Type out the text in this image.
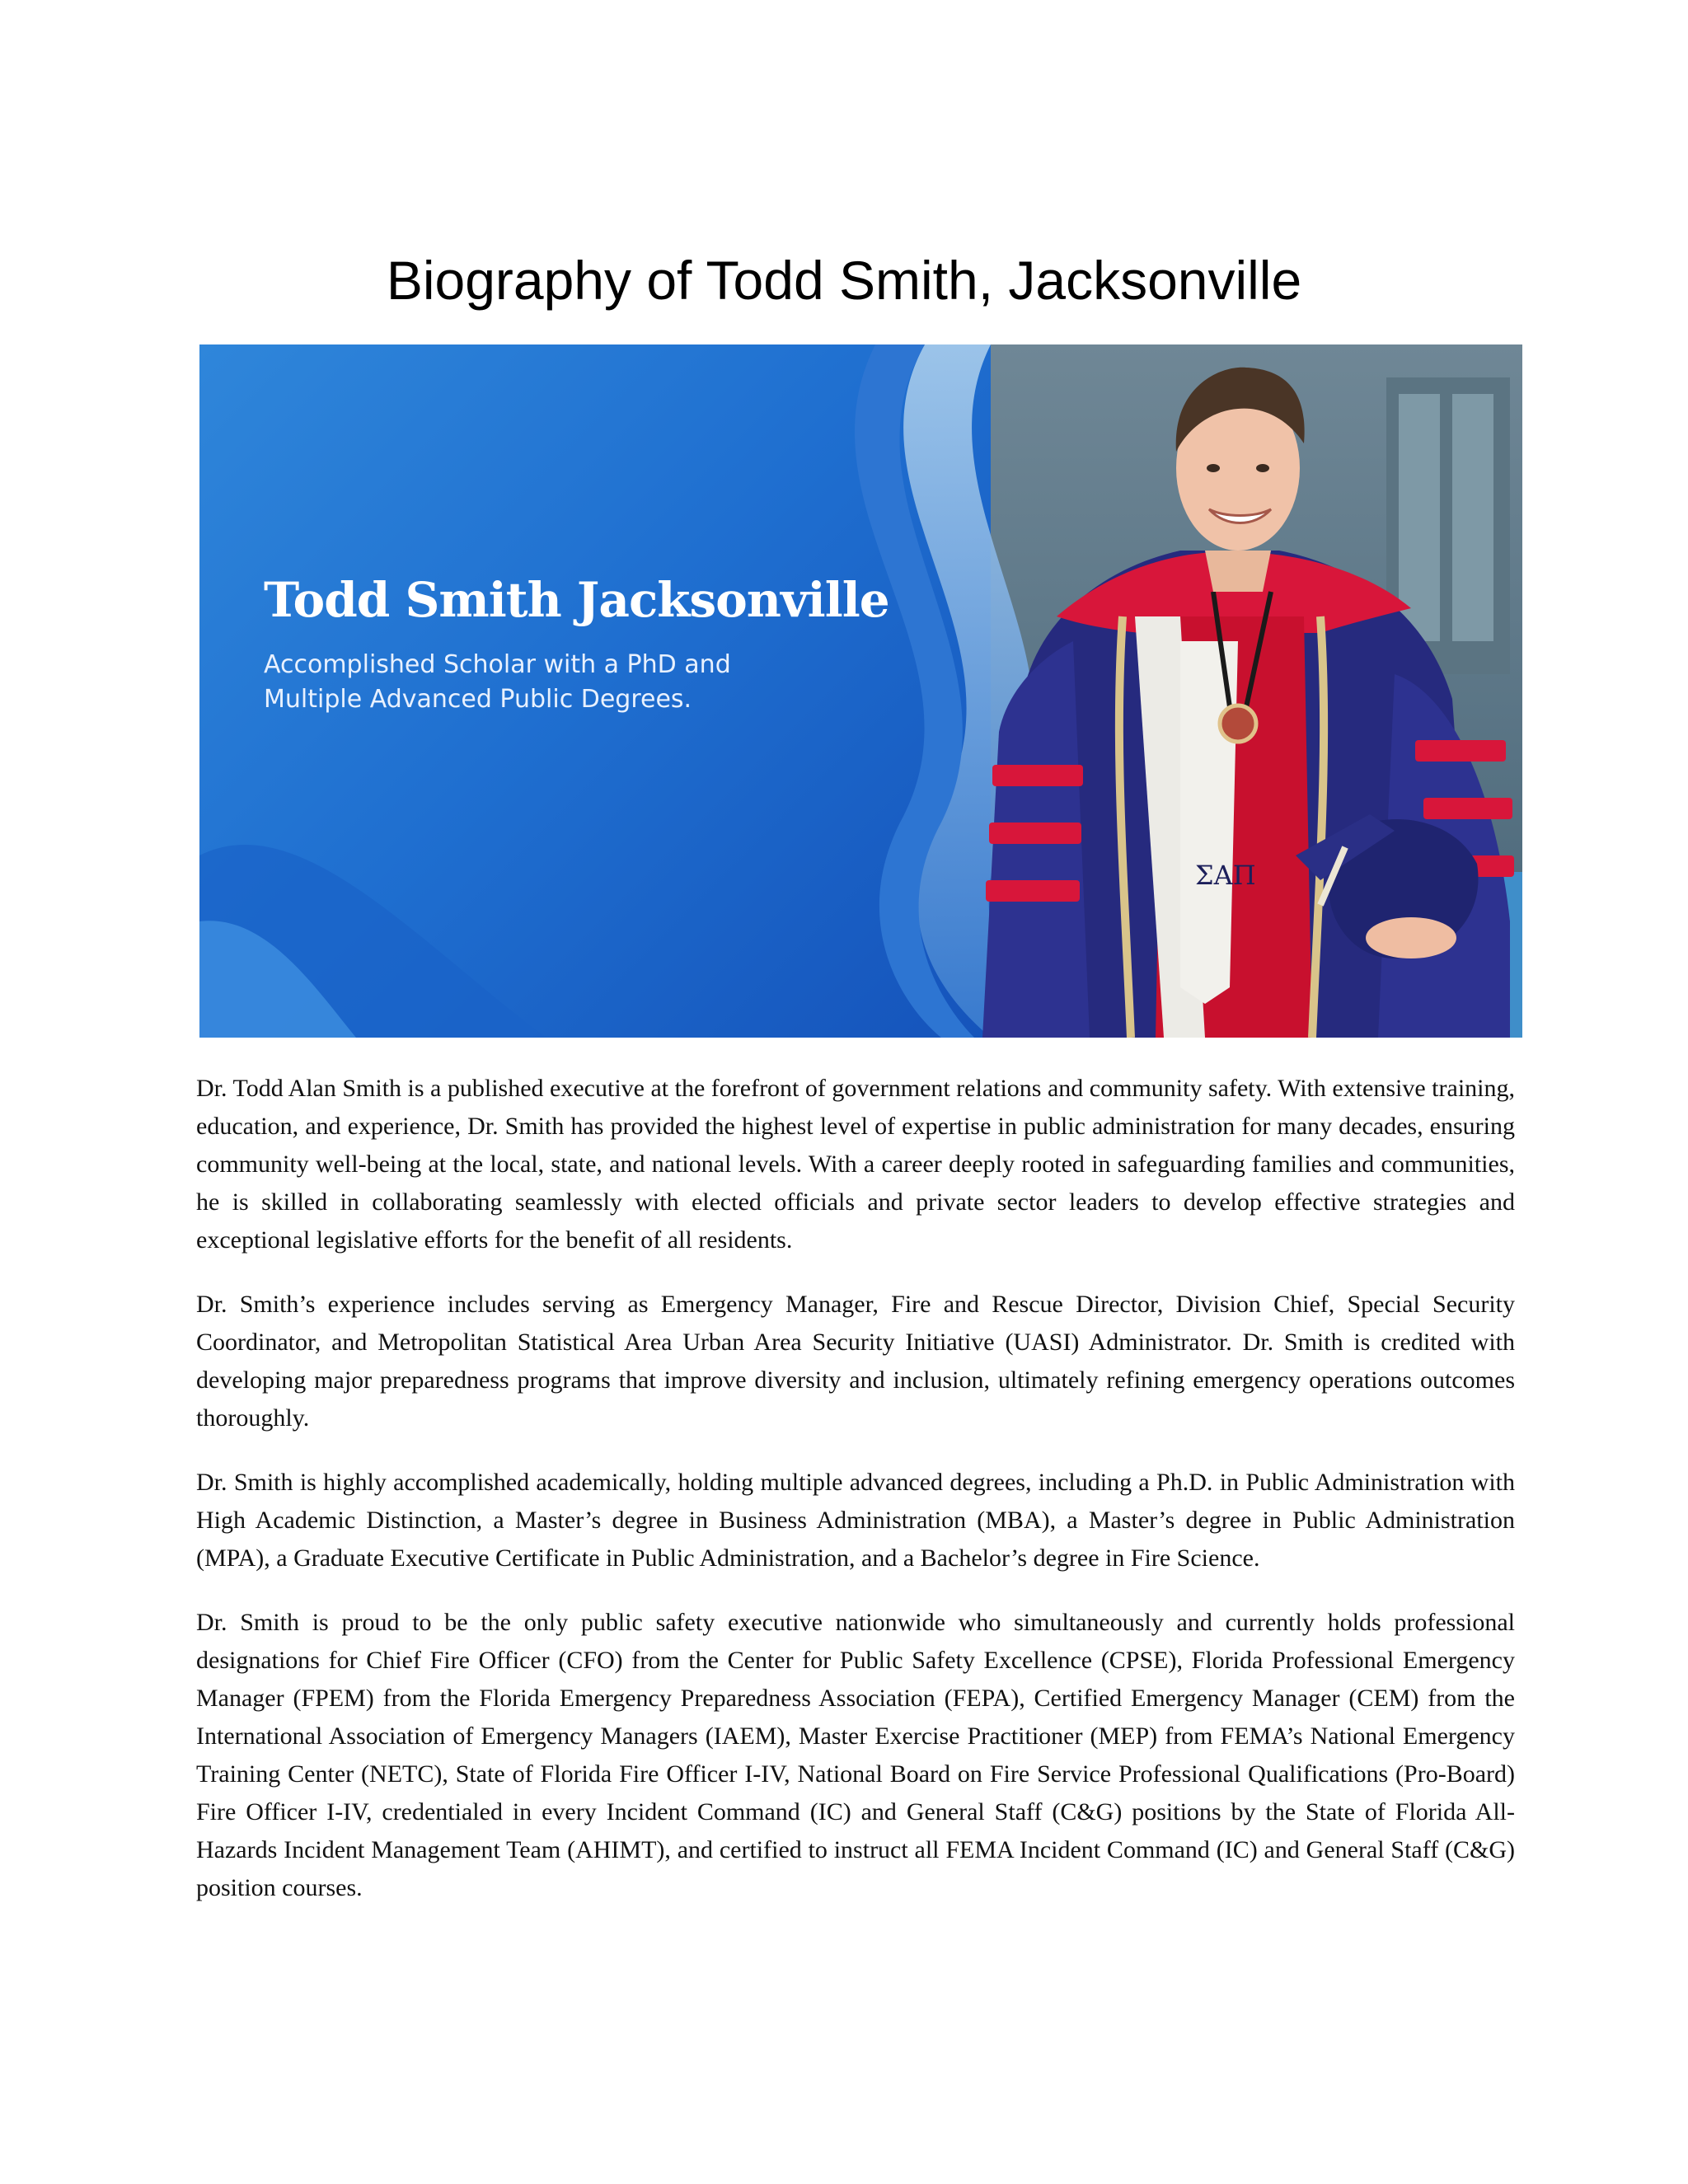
Biography of Todd Smith, Jacksonville
Todd Smith Jacksonville
Accomplished Scholar with a PhD and
Multiple Advanced Public Degrees.
ΣΑΠ

Dr. Todd Alan Smith is a published executive at the forefront of government relations and community safety. With extensive training, education, and experience, Dr. Smith has provided the highest level of expertise in public administration for many decades, ensuring community well-being at the local, state, and national levels. With a career deeply rooted in safeguarding families and communities, he is skilled in collaborating seamlessly with elected officials and private sector leaders to develop effective strategies and exceptional legislative efforts for the benefit of all residents.

Dr. Smith’s experience includes serving as Emergency Manager, Fire and Rescue Director, Division Chief, Special Security Coordinator, and Metropolitan Statistical Area Urban Area Security Initiative (UASI) Administrator. Dr. Smith is credited with developing major preparedness programs that improve diversity and inclusion, ultimately refining emergency operations outcomes thoroughly.

Dr. Smith is highly accomplished academically, holding multiple advanced degrees, including a Ph.D. in Public Administration with High Academic Distinction, a Master’s degree in Business Administration (MBA), a Master’s degree in Public Administration (MPA), a Graduate Executive Certificate in Public Administration, and a Bachelor’s degree in Fire Science.

Dr. Smith is proud to be the only public safety executive nationwide who simultaneously and currently holds professional designations for Chief Fire Officer (CFO) from the Center for Public Safety Excellence (CPSE), Florida Professional Emergency Manager (FPEM) from the Florida Emergency Preparedness Association (FEPA), Certified Emergency Manager (CEM) from the International Association of Emergency Managers (IAEM), Master Exercise Practitioner (MEP) from FEMA’s National Emergency Training Center (NETC), State of Florida Fire Officer I-IV, National Board on Fire Service Professional Qualifications (Pro-Board) Fire Officer I-IV, credentialed in every Incident Command (IC) and General Staff (C&G) positions by the State of Florida All-Hazards Incident Management Team (AHIMT), and certified to instruct all FEMA Incident Command (IC) and General Staff (C&G) position courses.
